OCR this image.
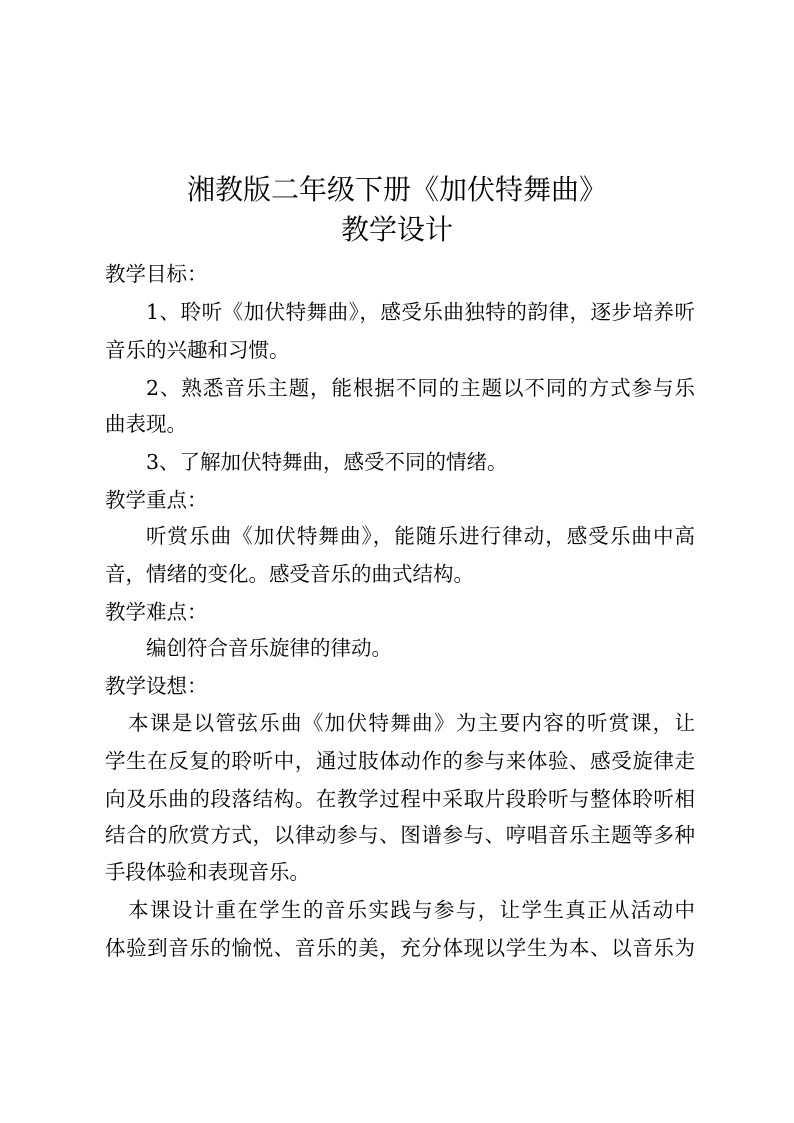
湘教版二年级下册《加伏特舞曲》
教学设计
教学目标：
1、聆听《加伏特舞曲》，感受乐曲独特的韵律，逐步培养听
音乐的兴趣和习惯。
2、熟悉音乐主题，能根据不同的主题以不同的方式参与乐
曲表现。
3、了解加伏特舞曲，感受不同的情绪。
教学重点：
听赏乐曲《加伏特舞曲》，能随乐进行律动，感受乐曲中高
音，情绪的变化。感受音乐的曲式结构。
教学难点：
编创符合音乐旋律的律动。
教学设想：
本课是以管弦乐曲《加伏特舞曲》为主要内容的听赏课，让
学生在反复的聆听中，通过肢体动作的参与来体验、感受旋律走
向及乐曲的段落结构。在教学过程中采取片段聆听与整体聆听相
结合的欣赏方式，以律动参与、图谱参与、哼唱音乐主题等多种
手段体验和表现音乐。
本课设计重在学生的音乐实践与参与，让学生真正从活动中
体验到音乐的愉悦、音乐的美，充分体现以学生为本、以音乐为
